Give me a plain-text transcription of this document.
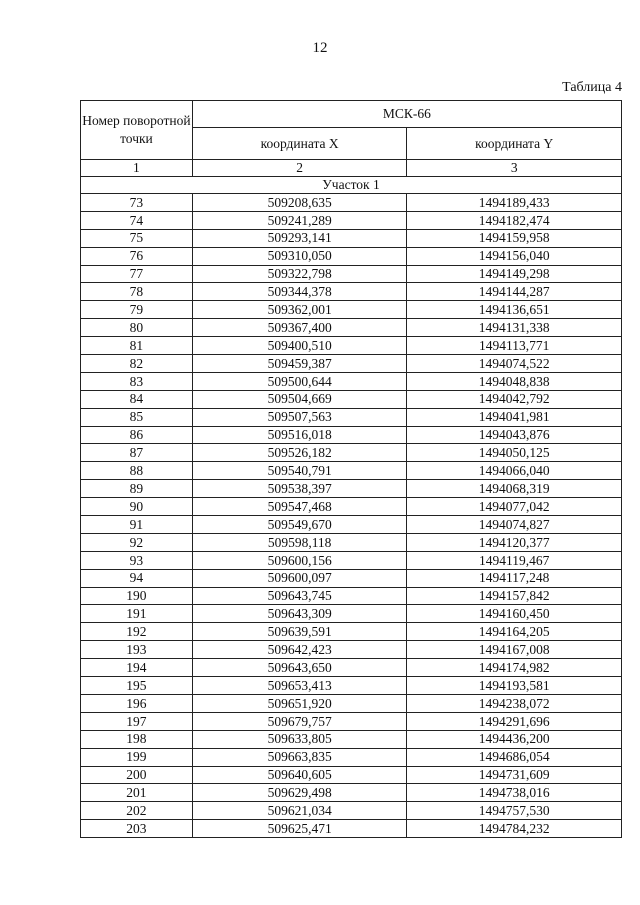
12
Таблица 4
Номер поворотной точки	МСК-66	
	координата X	координата Y
1	2	3
Участок 1		
73	509208,635	1494189,433
74	509241,289	1494182,474
75	509293,141	1494159,958
76	509310,050	1494156,040
77	509322,798	1494149,298
78	509344,378	1494144,287
79	509362,001	1494136,651
80	509367,400	1494131,338
81	509400,510	1494113,771
82	509459,387	1494074,522
83	509500,644	1494048,838
84	509504,669	1494042,792
85	509507,563	1494041,981
86	509516,018	1494043,876
87	509526,182	1494050,125
88	509540,791	1494066,040
89	509538,397	1494068,319
90	509547,468	1494077,042
91	509549,670	1494074,827
92	509598,118	1494120,377
93	509600,156	1494119,467
94	509600,097	1494117,248
190	509643,745	1494157,842
191	509643,309	1494160,450
192	509639,591	1494164,205
193	509642,423	1494167,008
194	509643,650	1494174,982
195	509653,413	1494193,581
196	509651,920	1494238,072
197	509679,757	1494291,696
198	509633,805	1494436,200
199	509663,835	1494686,054
200	509640,605	1494731,609
201	509629,498	1494738,016
202	509621,034	1494757,530
203	509625,471	1494784,232
